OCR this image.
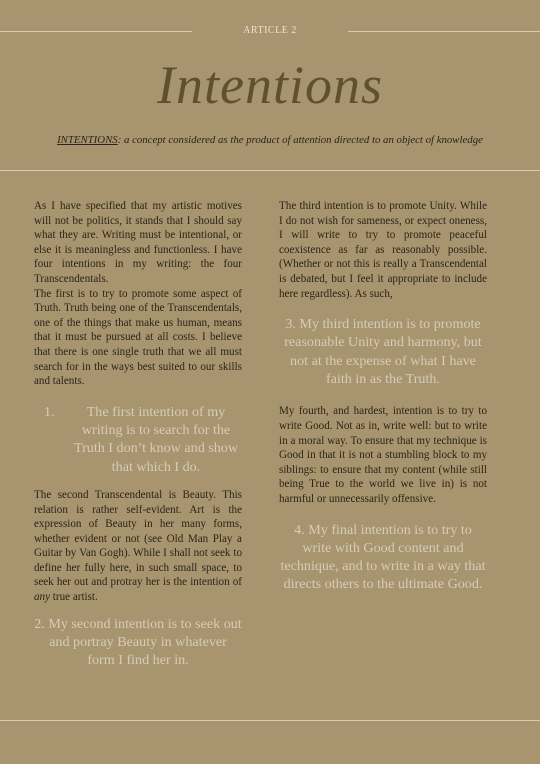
ARTICLE 2
Intentions
INTENTIONS: a concept considered as the product of attention directed to an object of knowledge

As I have specified that my artistic motives will not be politics, it stands that I should say what they are. Writing must be intentional, or else it is meaningless and functionless. I have four intentions in my writing: the four Transcendentals.

The first is to try to promote some aspect of Truth. Truth being one of the Transcendentals, one of the things that make us human, means that it must be pursued at all costs. I believe that there is one single truth that we all must search for in the ways best suited to our skills and talents.

1.	The first intention of my writing is to search for the Truth I don’t know and show that which I do.

The second Transcendental is Beauty. This relation is rather self-evident. Art is the expression of Beauty in her many forms, whether evident or not (see Old Man Play a Guitar by Van Gogh). While I shall not seek to define her fully here, in such small space, to seek her out and protray her is the intention of any true artist.

2. My second intention is to seek out and portray Beauty in whatever form I find her in.

The third intention is to promote Unity. While I do not wish for sameness, or expect oneness, I will write to try to promote peaceful coexistence as far as reasonably possible. (Whether or not this is really a Transcendental is debated, but I feel it appropriate to include here regardless). As such,

3. My third intention is to promote reasonable Unity and harmony, but not at the expense of what I have faith in as the Truth.

My fourth, and hardest, intention is to try to write Good. Not as in, write well: but to write in a moral way. To ensure that my technique is Good in that it is not a stumbling block to my siblings: to ensure that my content (while still being True to the world we live in) is not harmful or unnecessarily offensive.

4. My final intention is to try to write with Good content and technique, and to write in a way that directs others to the ultimate Good.
